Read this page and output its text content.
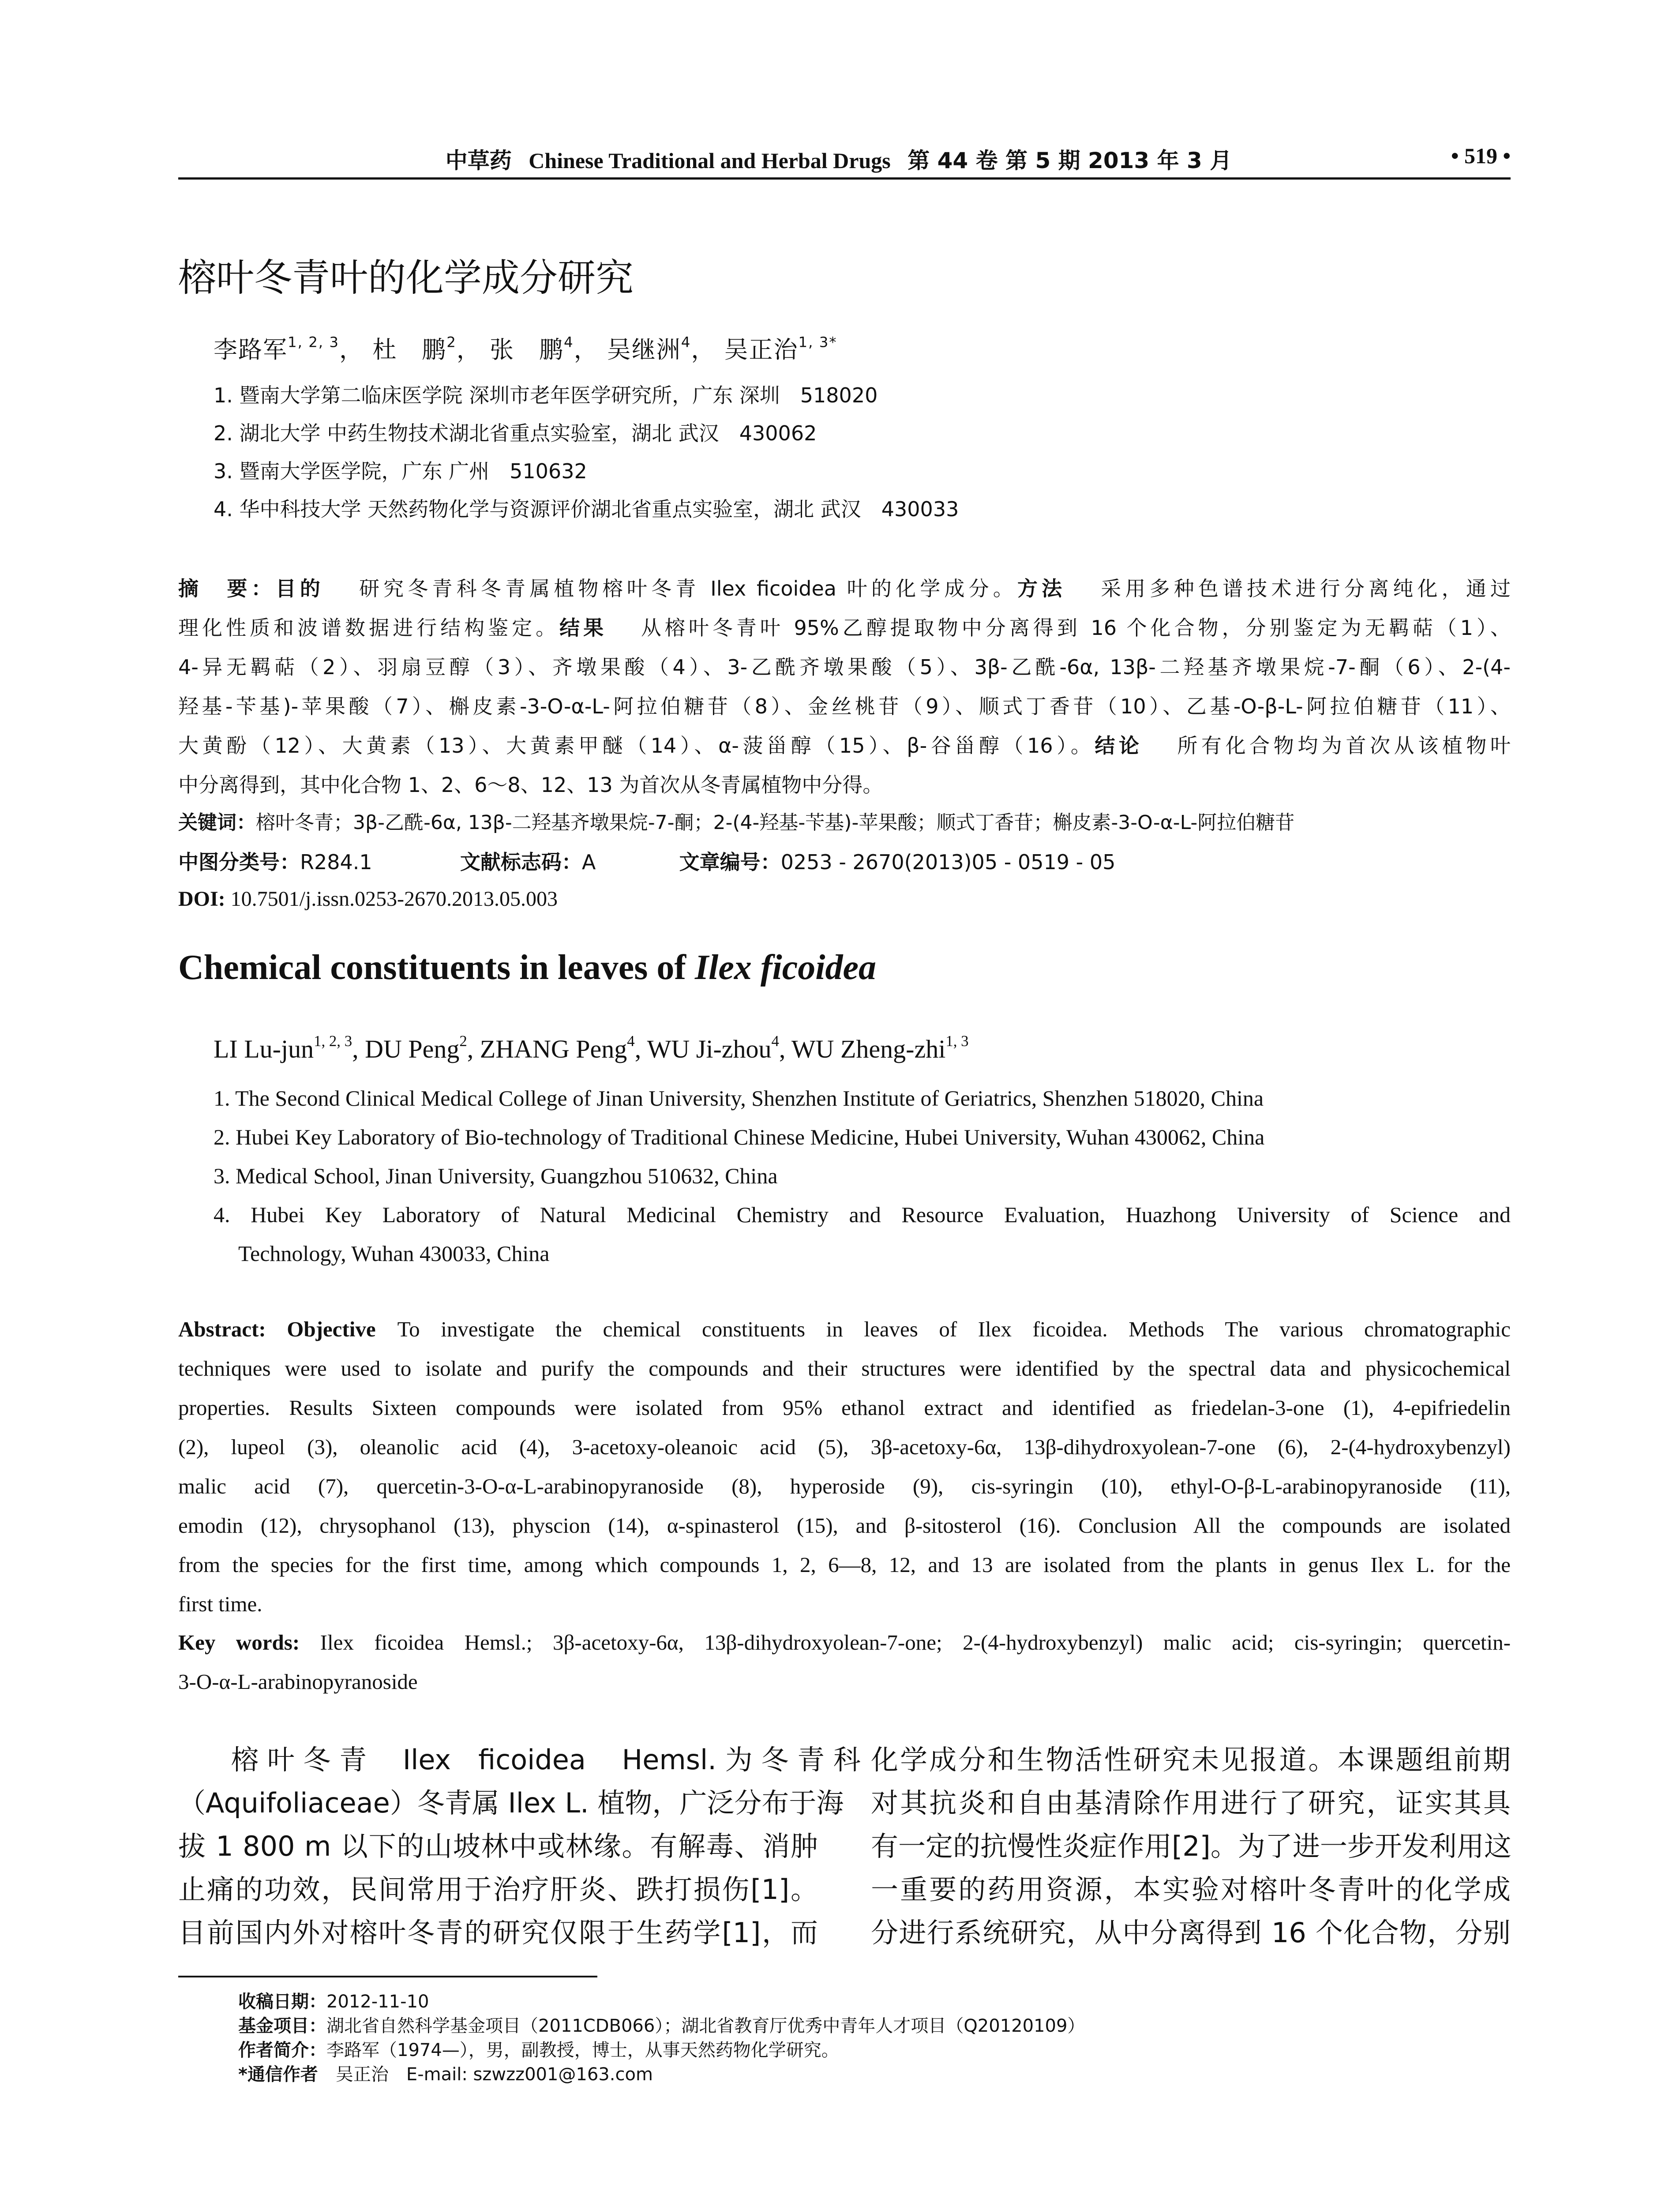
中草药 Chinese Traditional and Herbal Drugs 第 44 卷 第 5 期 2013 年 3 月	• 519 •
榕叶冬青叶的化学成分研究
李路军$^{1, 2, 3}$， 杜　鹏$^2$， 张　鹏$^4$， 吴继洲$^4$， 吴正治$^{1, 3*}$
1. 暨南大学第二临床医学院 深圳市老年医学研究所，广东 深圳　518020
2. 湖北大学 中药生物技术湖北省重点实验室，湖北 武汉　430062
3. 暨南大学医学院，广东 广州　510632
4. 华中科技大学 天然药物化学与资源评价湖北省重点实验室，湖北 武汉　430033
摘　要：目的　 研究冬青科冬青属植物榕叶冬青 Ilex ficoidea 叶的化学成分。方法　 采用多种色谱技术进行分离纯化，通过
理化性质和波谱数据进行结构鉴定。结果　 从榕叶冬青叶 95%乙醇提取物中分离得到 16 个化合物，分别鉴定为无羁萜（1）、
4-异无羁萜（2）、羽扇豆醇（3）、齐墩果酸（4）、3-乙酰齐墩果酸（5）、3β-乙酰-6α, 13β-二羟基齐墩果烷-7-酮（6）、2-(4-
羟基-苄基)-苹果酸（7）、槲皮素-3-O-α-L-阿拉伯糖苷（8）、金丝桃苷（9）、顺式丁香苷（10）、乙基-O-β-L-阿拉伯糖苷（11）、
大黄酚（12）、大黄素（13）、大黄素甲醚（14）、α-菠甾醇（15）、β-谷甾醇（16）。结论　 所有化合物均为首次从该植物叶
中分离得到，其中化合物 1、2、6～8、12、13 为首次从冬青属植物中分得。
关键词：榕叶冬青；3β-乙酰-6α, 13β-二羟基齐墩果烷-7-酮；2-(4-羟基-苄基)-苹果酸；顺式丁香苷；槲皮素-3-O-α-L-阿拉伯糖苷
中图分类号：R284.1	文献标志码：A	文章编号：0253 - 2670(2013)05 - 0519 - 05
DOI: 10.7501/j.issn.0253-2670.2013.05.003
Chemical constituents in leaves of Ilex ficoidea
LI Lu-jun$^{1, 2, 3}$, DU Peng$^2$, ZHANG Peng$^4$, WU Ji-zhou$^4$, WU Zheng-zhi$^{1, 3}$
1. The Second Clinical Medical College of Jinan University, Shenzhen Institute of Geriatrics, Shenzhen 518020, China
2. Hubei Key Laboratory of Bio-technology of Traditional Chinese Medicine, Hubei University, Wuhan 430062, China
3. Medical School, Jinan University, Guangzhou 510632, China
4. Hubei Key Laboratory of Natural Medicinal Chemistry and Resource Evaluation, Huazhong University of Science and
Technology, Wuhan 430033, China
Abstract: Objective To investigate the chemical constituents in leaves of Ilex ficoidea. Methods The various chromatographic
techniques were used to isolate and purify the compounds and their structures were identified by the spectral data and physicochemical
properties. Results Sixteen compounds were isolated from 95% ethanol extract and identified as friedelan-3-one (1), 4-epifriedelin
(2), lupeol (3), oleanolic acid (4), 3-acetoxy-oleanoic acid (5), 3β-acetoxy-6α, 13β-dihydroxyolean-7-one (6), 2-(4-hydroxybenzyl)
malic acid (7), quercetin-3-O-α-L-arabinopyranoside (8), hyperoside (9), cis-syringin (10), ethyl-O-β-L-arabinopyranoside (11),
emodin (12), chrysophanol (13), physcion (14), α-spinasterol (15), and β-sitosterol (16). Conclusion All the compounds are isolated
from the species for the first time, among which compounds 1, 2, 6—8, 12, and 13 are isolated from the plants in genus Ilex L. for the
first time.
Key words: Ilex ficoidea Hemsl.; 3β-acetoxy-6α, 13β-dihydroxyolean-7-one; 2-(4-hydroxybenzyl) malic acid; cis-syringin; quercetin-
3-O-α-L-arabinopyranoside
榕 叶 冬 青 　Ilex　ficoidea 　Hemsl. 为 冬 青 科
（Aquifoliaceae）冬青属 Ilex L. 植物，广泛分布于海
拔 1 800 m 以下的山坡林中或林缘。有解毒、消肿
止痛的功效，民间常用于治疗肝炎、跌打损伤[1]。
目前国内外对榕叶冬青的研究仅限于生药学[1]，而
化学成分和生物活性研究未见报道。本课题组前期
对其抗炎和自由基清除作用进行了研究，证实其具
有一定的抗慢性炎症作用[2]。为了进一步开发利用这
一重要的药用资源，本实验对榕叶冬青叶的化学成
分进行系统研究，从中分离得到 16 个化合物，分别
收稿日期：2012-11-10
基金项目：湖北省自然科学基金项目（2011CDB066）；湖北省教育厅优秀中青年人才项目（Q20120109）
作者简介：李路军（1974—），男，副教授，博士，从事天然药物化学研究。
*通信作者　 吴正治　E-mail: szwzz001@163.com
